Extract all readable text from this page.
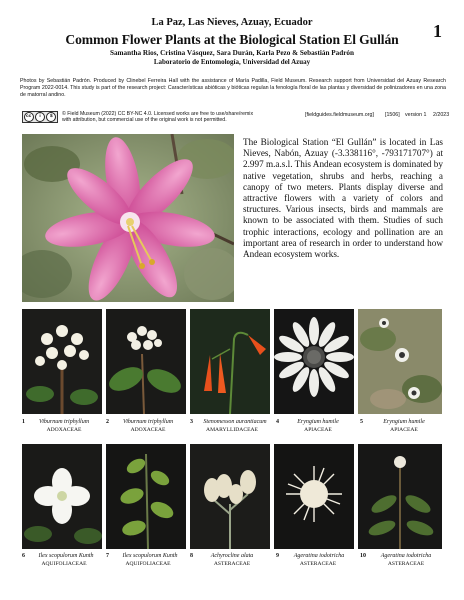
La Paz, Las Nieves, Azuay, Ecuador	1
Common Flower Plants at the Biological Station El Gullán
Samantha Rios, Cristina Vásquez, Sara Durán, Karla Pezo & Sebastián Padrón
Laboratorio de Entomología, Universidad del Azuay
Photos by Sebastián Padrón. Produced by Clinebel Ferreira Hall with the assistance of María Padilla, Field Museum. Research support from Universidad del Azuay Research Program 2022-0014. This study is part of the research project: Características abióticas y bióticas regulan la fenología floral de las plantas y diversidad de polinizadores en una zona de matorral andino.
cc	i	$	© Field Museum (2022) CC BY-NC 4.0. Licensed works are free to use/share/remix
with attribution, but commercial use of the original work is not permitted.
[fieldguides.fieldmuseum.org] [1506] version 1 2/2023
The Biological Station “El Gullán” is located in Las Nieves, Nabón, Azuay (-3.338116°, -793171707°) at 2.997 m.a.s.l. This Andean ecosystem is dominated by native vegetation, shrubs and herbs, reaching a canopy of two meters. Plants display diverse and attractive flowers with a variety of colors and structures. Various insects, birds and mammals are known to be associated with them. Studies of such trophic interactions, ecology and pollination are an important area of research in order to understand how Andean ecosystem works.
1	Viburnum triphyllum
ADOXACEAE
2	Viburnum triphyllum
ADOXACEAE
3	Stenomesson aurantiacum
AMARYLLIDACEAE
4	Eryngium humile
APIACEAE
5	Eryngium humile
APIACEAE
6	Ilex scopulorum Kunth
AQUIFOLIACEAE
7	Ilex scopulorum Kunth
AQUIFOLIACEAE
8	Achyrocline alata
ASTERACEAE
9	Ageratina iodotricha
ASTERACEAE
10	Ageratina iodotricha
ASTERACEAE
